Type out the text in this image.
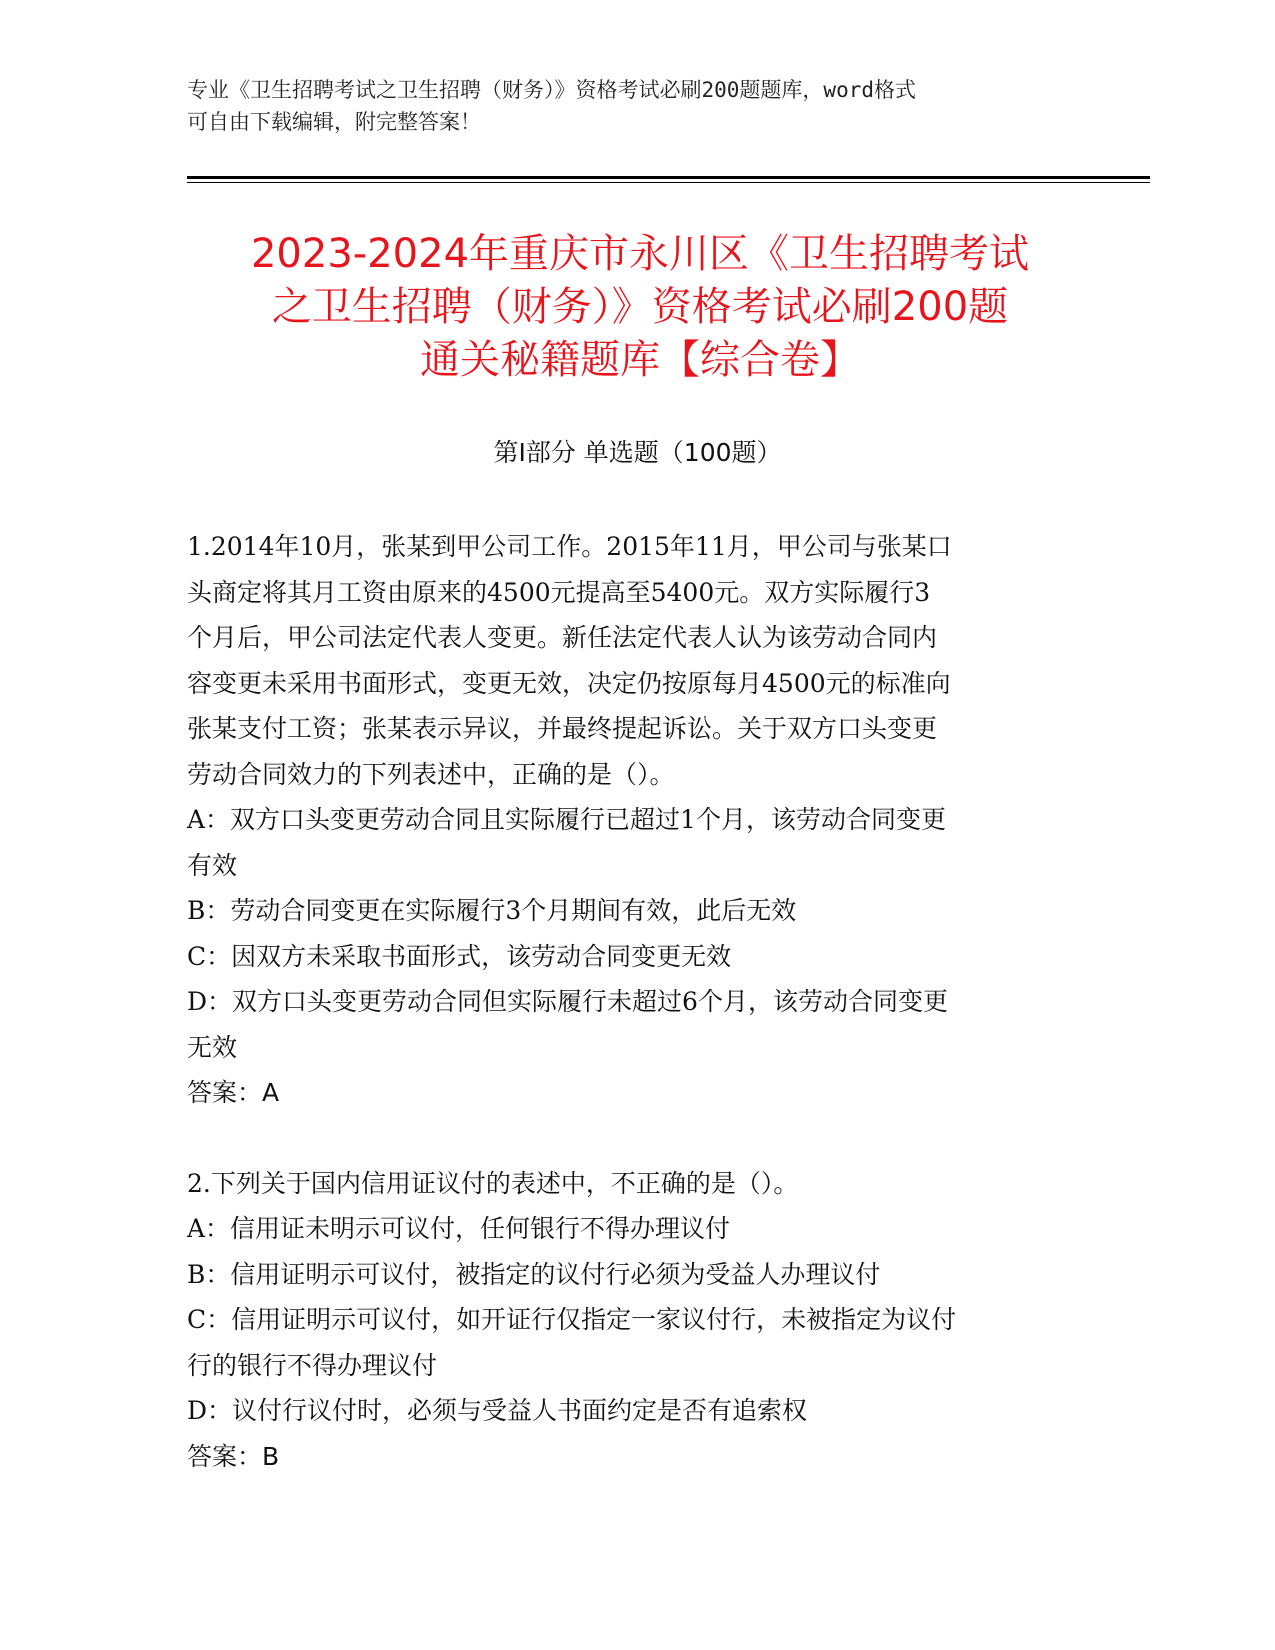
专业《卫生招聘考试之卫生招聘（财务）》资格考试必刷200题题库，word格式
可自由下载编辑，附完整答案！
2023-2024年重庆市永川区《卫生招聘考试
之卫生招聘（财务）》资格考试必刷200题
通关秘籍题库【综合卷】
第Ⅰ部分 单选题（100题）
1.2014年10月，张某到甲公司工作。2015年11月，甲公司与张某口
头商定将其月工资由原来的4500元提高至5400元。双方实际履行3
个月后，甲公司法定代表人变更。新任法定代表人认为该劳动合同内
容变更未采用书面形式，变更无效，决定仍按原每月4500元的标准向
张某支付工资；张某表示异议，并最终提起诉讼。关于双方口头变更
劳动合同效力的下列表述中，正确的是（）。
A：双方口头变更劳动合同且实际履行已超过1个月，该劳动合同变更
有效
B：劳动合同变更在实际履行3个月期间有效，此后无效
C：因双方未采取书面形式，该劳动合同变更无效
D：双方口头变更劳动合同但实际履行未超过6个月，该劳动合同变更
无效
答案：A
2.下列关于国内信用证议付的表述中，不正确的是（）。
A：信用证未明示可议付，任何银行不得办理议付
B：信用证明示可议付，被指定的议付行必须为受益人办理议付
C：信用证明示可议付，如开证行仅指定一家议付行，未被指定为议付
行的银行不得办理议付
D：议付行议付时，必须与受益人书面约定是否有追索权
答案：B
